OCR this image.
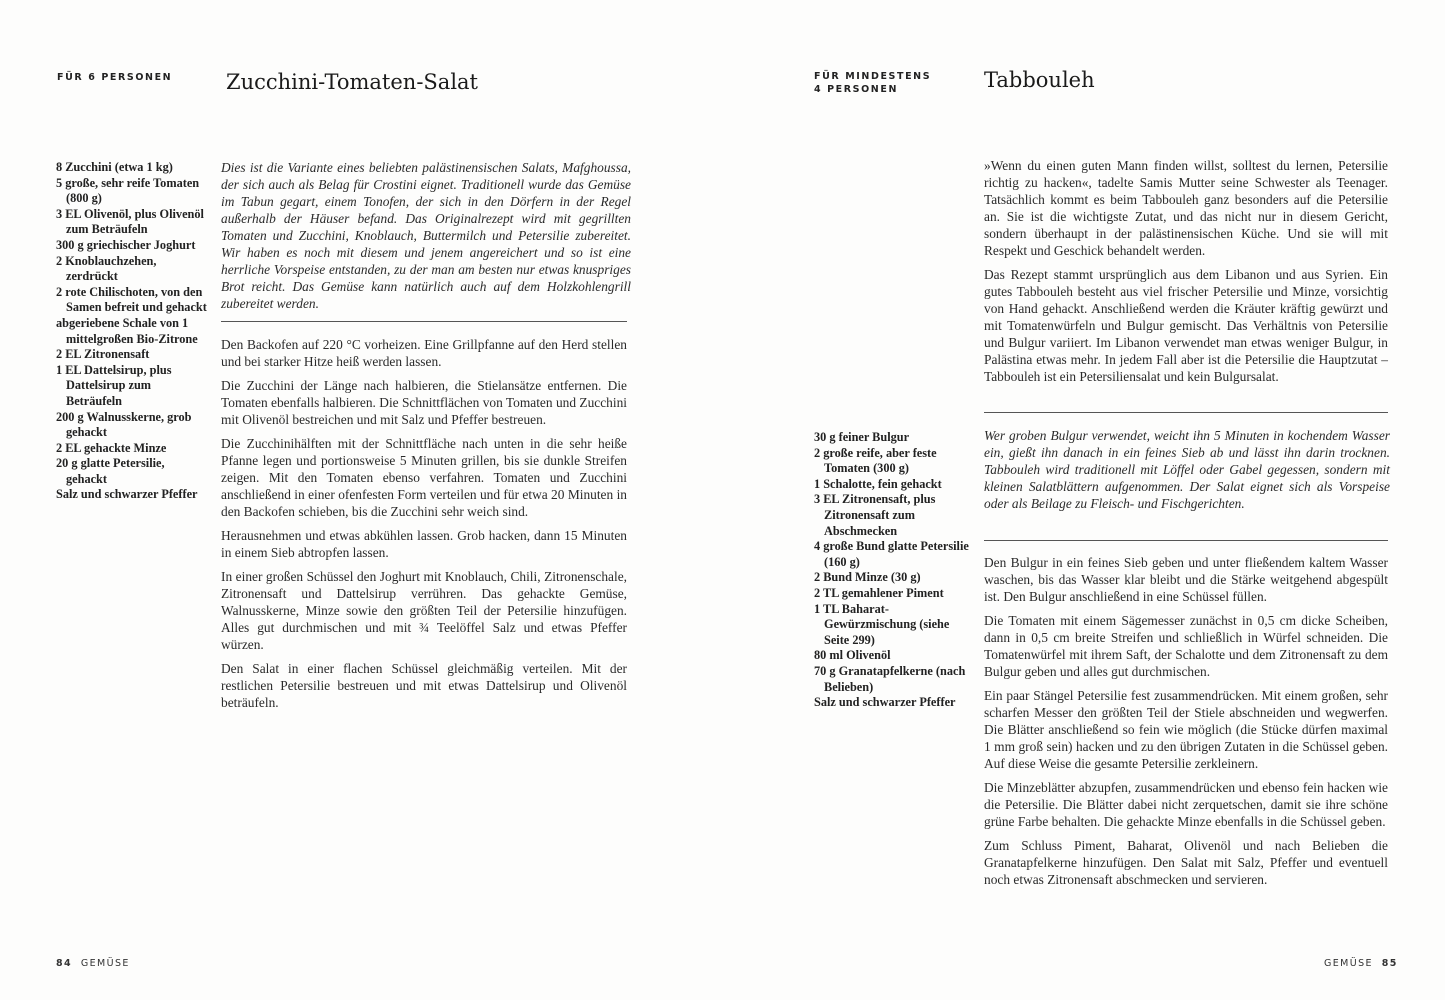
FÜR 6 PERSONEN	Zucchini-Tomaten-Salat
8 Zucchini (etwa 1 kg)
5 große, sehr reife Tomaten (800 g)
3 EL Olivenöl, plus Olivenöl zum Beträufeln
300 g griechischer Joghurt
2 Knoblauchzehen, zerdrückt
2 rote Chilischoten, von den Samen befreit und gehackt
abgeriebene Schale von 1 mittelgroßen Bio-Zitrone
2 EL Zitronensaft
1 EL Dattelsirup, plus Dattelsirup zum Beträufeln
200 g Walnusskerne, grob gehackt
2 EL gehackte Minze
20 g glatte Petersilie, gehackt
Salz und schwarzer Pfeffer

Dies ist die Variante eines beliebten palästinensischen Salats, Mafghoussa, der sich auch als Belag für Crostini eignet. Traditionell wurde das Gemüse im Tabun gegart, einem Tonofen, der sich in den Dörfern in der Regel außerhalb der Häuser befand. Das Originalrezept wird mit gegrillten Tomaten und Zucchini, Knoblauch, Buttermilch und Petersilie zubereitet. Wir haben es noch mit diesem und jenem angereichert und so ist eine herrliche Vorspeise entstanden, zu der man am besten nur etwas knuspriges Brot reicht. Das Gemüse kann natürlich auch auf dem Holzkohlengrill zubereitet werden.

Den Backofen auf 220 °C vorheizen. Eine Grillpfanne auf den Herd stellen und bei starker Hitze heiß werden lassen.

Die Zucchini der Länge nach halbieren, die Stielansätze entfernen. Die Tomaten ebenfalls halbieren. Die Schnittflächen von Tomaten und Zucchini mit Olivenöl bestreichen und mit Salz und Pfeffer bestreuen.

Die Zucchinihälften mit der Schnittfläche nach unten in die sehr heiße Pfanne legen und portionsweise 5 Minuten grillen, bis sie dunkle Streifen zeigen. Mit den Tomaten ebenso verfahren. Tomaten und Zucchini anschließend in einer ofenfesten Form verteilen und für etwa 20 Minuten in den Backofen schieben, bis die Zucchini sehr weich sind.

Herausnehmen und etwas abkühlen lassen. Grob hacken, dann 15 Minuten in einem Sieb abtropfen lassen.

In einer großen Schüssel den Joghurt mit Knoblauch, Chili, Zitronenschale, Zitronensaft und Dattelsirup verrühren. Das gehackte Gemüse, Walnusskerne, Minze sowie den größten Teil der Petersilie hinzufügen. Alles gut durchmischen und mit ¾ Teelöffel Salz und etwas Pfeffer würzen.

Den Salat in einer flachen Schüssel gleichmäßig verteilen. Mit der restlichen Petersilie bestreuen und mit etwas Dattelsirup und Olivenöl beträufeln.

84 GEMÜSE
FÜR MINDESTENS
4 PERSONEN	Tabbouleh

»Wenn du einen guten Mann finden willst, solltest du lernen, Petersilie richtig zu hacken«, tadelte Samis Mutter seine Schwester als Teenager. Tatsächlich kommt es beim Tabbouleh ganz besonders auf die Petersilie an. Sie ist die wichtigste Zutat, und das nicht nur in diesem Gericht, sondern überhaupt in der palästinensischen Küche. Und sie will mit Respekt und Geschick behandelt werden.

Das Rezept stammt ursprünglich aus dem Libanon und aus Syrien. Ein gutes Tabbouleh besteht aus viel frischer Petersilie und Minze, vorsichtig von Hand gehackt. Anschließend werden die Kräuter kräftig gewürzt und mit Tomatenwürfeln und Bulgur gemischt. Das Verhältnis von Petersilie und Bulgur variiert. Im Libanon verwendet man etwas weniger Bulgur, in Palästina etwas mehr. In jedem Fall aber ist die Petersilie die Hauptzutat – Tabbouleh ist ein Petersiliensalat und kein Bulgursalat.

30 g feiner Bulgur
2 große reife, aber feste Tomaten (300 g)
1 Schalotte, fein gehackt
3 EL Zitronensaft, plus Zitronensaft zum Abschmecken
4 große Bund glatte Petersilie (160 g)
2 Bund Minze (30 g)
2 TL gemahlener Piment
1 TL Baharat-Gewürzmischung (siehe Seite 299)
80 ml Olivenöl
70 g Granatapfelkerne (nach Belieben)
Salz und schwarzer Pfeffer

Wer groben Bulgur verwendet, weicht ihn 5 Minuten in kochendem Wasser ein, gießt ihn danach in ein feines Sieb ab und lässt ihn darin trocknen. Tabbouleh wird traditionell mit Löffel oder Gabel gegessen, sondern mit kleinen Salatblättern aufgenommen. Der Salat eignet sich als Vorspeise oder als Beilage zu Fleisch- und Fischgerichten.

Den Bulgur in ein feines Sieb geben und unter fließendem kaltem Wasser waschen, bis das Wasser klar bleibt und die Stärke weitgehend abgespült ist. Den Bulgur anschließend in eine Schüssel füllen.

Die Tomaten mit einem Sägemesser zunächst in 0,5 cm dicke Scheiben, dann in 0,5 cm breite Streifen und schließlich in Würfel schneiden. Die Tomatenwürfel mit ihrem Saft, der Schalotte und dem Zitronensaft zu dem Bulgur geben und alles gut durchmischen.

Ein paar Stängel Petersilie fest zusammendrücken. Mit einem großen, sehr scharfen Messer den größten Teil der Stiele abschneiden und wegwerfen. Die Blätter anschließend so fein wie möglich (die Stücke dürfen maximal 1 mm groß sein) hacken und zu den übrigen Zutaten in die Schüssel geben. Auf diese Weise die gesamte Petersilie zerkleinern.

Die Minzeblätter abzupfen, zusammendrücken und ebenso fein hacken wie die Petersilie. Die Blätter dabei nicht zerquetschen, damit sie ihre schöne grüne Farbe behalten. Die gehackte Minze ebenfalls in die Schüssel geben.

Zum Schluss Piment, Baharat, Olivenöl und nach Belieben die Granatapfelkerne hinzufügen. Den Salat mit Salz, Pfeffer und eventuell noch etwas Zitronensaft abschmecken und servieren.

GEMÜSE 85
